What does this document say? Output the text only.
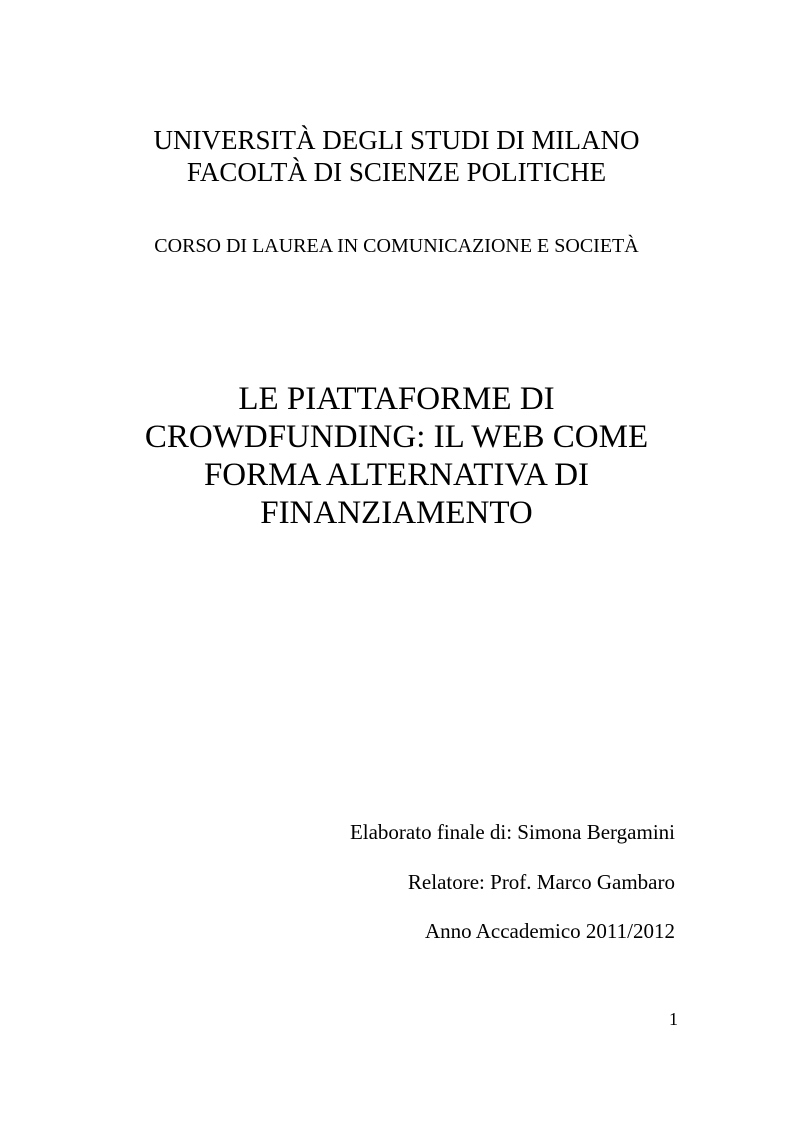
UNIVERSITÀ DEGLI STUDI DI MILANO
FACOLTÀ DI SCIENZE POLITICHE
CORSO DI LAUREA IN COMUNICAZIONE E SOCIETÀ
LE PIATTAFORME DI
CROWDFUNDING: IL WEB COME
FORMA ALTERNATIVA DI
FINANZIAMENTO
Elaborato finale di: Simona Bergamini
Relatore: Prof. Marco Gambaro
Anno Accademico 2011/2012
1
